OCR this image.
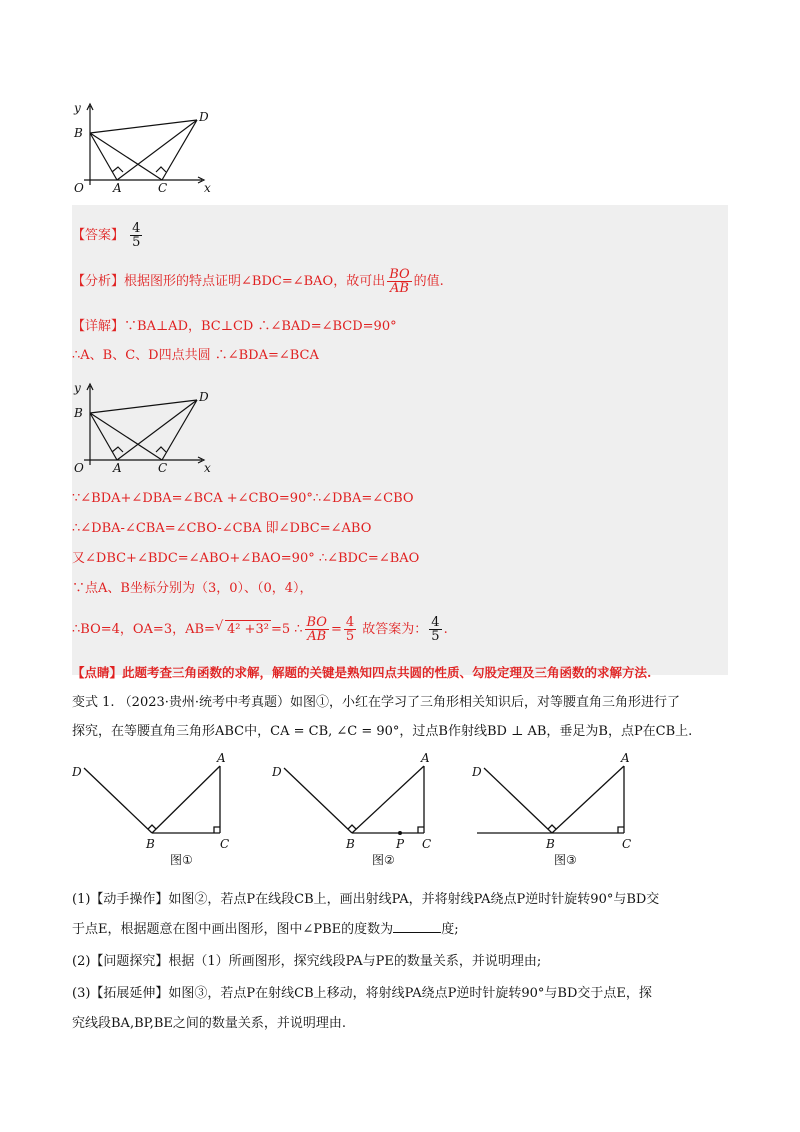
y
B
D
O A	C	x
【答案】 $\frac{4}{5}$
【分析】根据图形的特点证明∠BDC=∠BAO，故可出 $\frac{BO}{AB}$ 的值.
【详解】∵BA⊥AD，BC⊥CD ∴∠BAD=∠BCD=90°
∴A、B、C、D四点共圆 ∴∠BDA=∠BCA
y
B
D
O A	C	x
∵∠BDA+∠DBA=∠BCA +∠CBO=90°∴∠DBA=∠CBO
∴∠DBA-∠CBA=∠CBO-∠CBA 即∠DBC=∠ABO
又∠DBC+∠BDC=∠ABO+∠BAO=90° ∴∠BDC=∠BAO
∵点A、B坐标分别为（3，0）、（0，4），
∴BO=4，OA=3，AB=√ 4² +3² =5 ∴ $\frac{BO}{AB} = \frac{4}{5}$ 故答案为： $\frac{4}{5}$ .
【点睛】此题考查三角函数的求解，解题的关键是熟知四点共圆的性质、勾股定理及三角函数的求解方法.
变式 1. （2023·贵州·统考中考真题）如图①，小红在学习了三角形相关知识后，对等腰直角三角形进行了
探究，在等腰直角三角形ABC中，CA = CB, ∠C = 90°，过点B作射线BD ⊥ AB，垂足为B，点P在CB上.
D
A
B	C
图①
D
A
B	P C
图②
D
A
B	C
图③
(1)【动手操作】如图②，若点P在线段CB上，画出射线PA，并将射线PA绕点P逆时针旋转90°与BD交
于点E，根据题意在图中画出图形，图中∠PBE的度数为	度;
(2)【问题探究】根据（1）所画图形，探究线段PA与PE的数量关系，并说明理由;
(3)【拓展延伸】如图③，若点P在射线CB上移动，将射线PA绕点P逆时针旋转90°与BD交于点E，探
究线段BA,BP,BE之间的数量关系，并说明理由.
